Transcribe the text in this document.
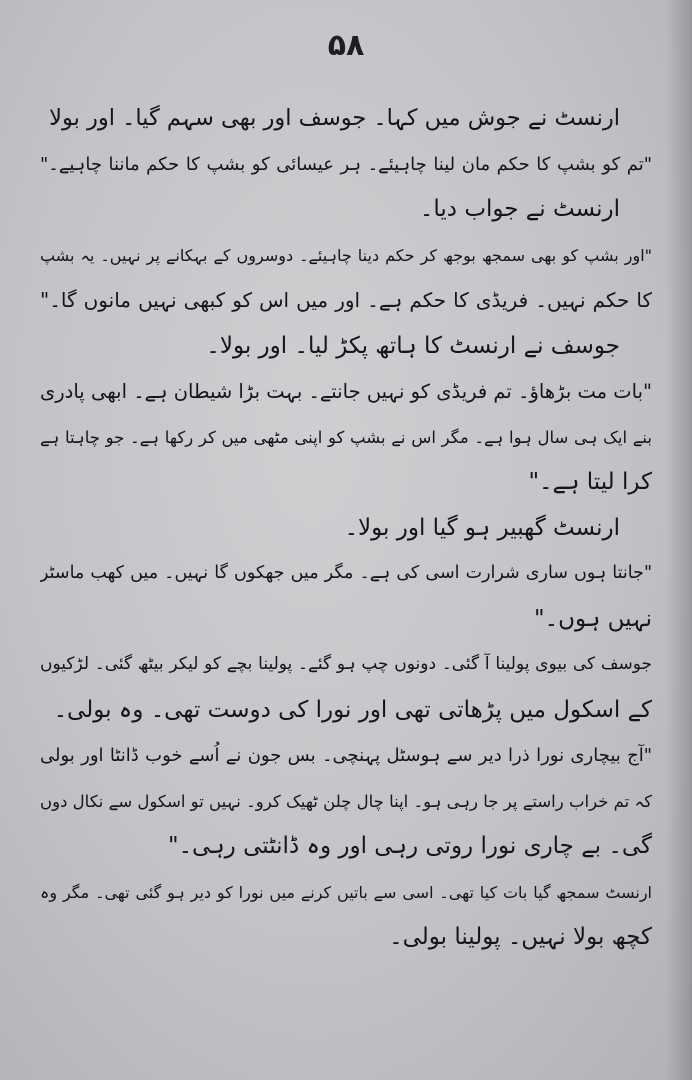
۵۸
ارنسٹ نے جوش میں کہا۔ جوسف اور بھی سہم گیا۔ اور بولا
"تم کو بشپ کا حکم مان لینا چاہیئے۔ ہر عیسائی کو بشپ کا حکم ماننا چاہیے۔"
ارنسٹ نے جواب دیا۔
"اور بشپ کو بھی سمجھ بوجھ کر حکم دینا چاہیئے۔ دوسروں کے بہکانے پر نہیں۔ یہ بشپ
کا حکم نہیں۔ فریڈی کا حکم ہے۔ اور میں اس کو کبھی نہیں مانوں گا۔"
جوسف نے ارنسٹ کا ہاتھ پکڑ لیا۔ اور بولا۔
"بات مت بڑھاؤ۔ تم فریڈی کو نہیں جانتے۔ بہت بڑا شیطان ہے۔ ابھی پادری
بنے ایک ہی سال ہوا ہے۔ مگر اس نے بشپ کو اپنی مٹھی میں کر رکھا ہے۔ جو چاہتا ہے
کرا لیتا ہے۔"
ارنسٹ گھبیر ہو گیا اور بولا۔
"جانتا ہوں ساری شرارت اسی کی ہے۔ مگر میں جھکوں گا نہیں۔ میں کھب ماسٹر
نہیں ہوں۔"
جوسف کی بیوی پولینا آ گئی۔ دونوں چپ ہو گئے۔ پولینا بچے کو لیکر بیٹھ گئی۔ لڑکیوں
کے اسکول میں پڑھاتی تھی اور نورا کی دوست تھی۔ وہ بولی۔
"آج بیچاری نورا ذرا دیر سے ہوسٹل پہنچی۔ بس جون نے اُسے خوب ڈانٹا اور بولی
کہ تم خراب راستے پر جا رہی ہو۔ اپنا چال چلن ٹھیک کرو۔ نہیں تو اسکول سے نکال دوں
گی۔ بے چاری نورا روتی رہی اور وہ ڈانٹتی رہی۔"
ارنسٹ سمجھ گیا بات کیا تھی۔ اسی سے باتیں کرنے میں نورا کو دیر ہو گئی تھی۔ مگر وہ
کچھ بولا نہیں۔ پولینا بولی۔
